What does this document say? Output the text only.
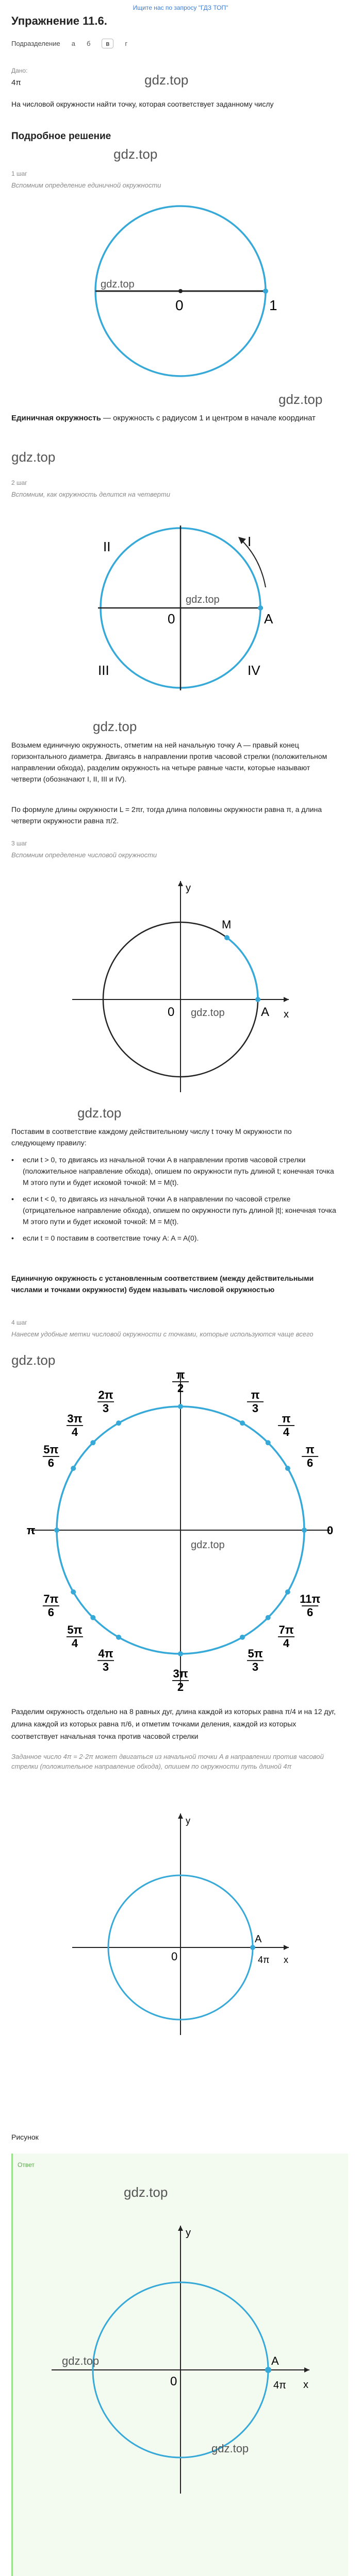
Ищите нас по запросу "ГДЗ ТОП"
Упражнение 11.6.
Подразделение а б	в	г
Дано:
4π	gdz.top
На числовой окружности найти точку, которая соответствует заданному числу
Подробное решение
gdz.top
1 шаг
Вспомним определение единичной окружности
0	1
gdz.top
gdz.top
Единичная окружность — окружность с радиусом 1 и центром в начале координат
gdz.top
2 шаг
Вспомним, как окружность делится на четверти
0	A
I
II
III	IV
gdz.top
gdz.top
Возьмем единичную окружность, отметим на ней начальную точку A — правый конец горизонтального диаметра. Двигаясь в направлении против часовой стрелки (положительном направлении обхода), разделим окружность на четыре равные части, которые называют четверти (обозначают I, II, III и IV).
По формуле длины окружности L = 2πr, тогда длина половины окружности равна π, а длина четверти окружности равна π/2.
3 шаг
Вспомним определение числовой окружности
M
A
0	x
y
gdz.top
gdz.top
Поставим в соответствие каждому действительному числу t точку M окружности по следующему правилу:
•	если t > 0, то двигаясь из начальной точки A в направлении против часовой стрелки (положительное направление обхода), опишем по окружности путь длиной t; конечная точка M этого пути и будет искомой точкой: M = M(t).
•	если t < 0, то двигаясь из начальной точки A в направлении по часовой стрелке (отрицательное направление обхода), опишем по окружности путь длиной |t|; конечная точка M этого пути и будет искомой точкой: M = M(t).
•	если t = 0 поставим в соответствие точку A: A = A(0).
Единичную окружность с установленным соответствием (между действительными числами и точками окружности) будем называть числовой окружностью
4 шаг
Нанесем удобные метки числовой окружности с точками, которые используются чаще всего
gdz.top
π 2
π 3
π 4
π 6
0
11π 6
7π 4
5π 3
3π 2
4π 3
5π 4
7π 6
π
5π 6
3π 4
2π 3
gdz.top
Разделим окружность отдельно на 8 равных дуг, длина каждой из которых равна π/4 и на 12 дуг, длина каждой из которых равна π/6, и отметим точками деления, каждой из которых соответствует начальная точка против часовой стрелки
Заданное число 4π = 2·2π может двигаться из начальной точки A в направлении против часовой стрелки (положительное направление обхода), опишем по окружности путь длиной 4π
A
4π
0	x
y
Рисунок
Ответ
gdz.top
A
4π
0	x
y
gdz.top
gdz.top
